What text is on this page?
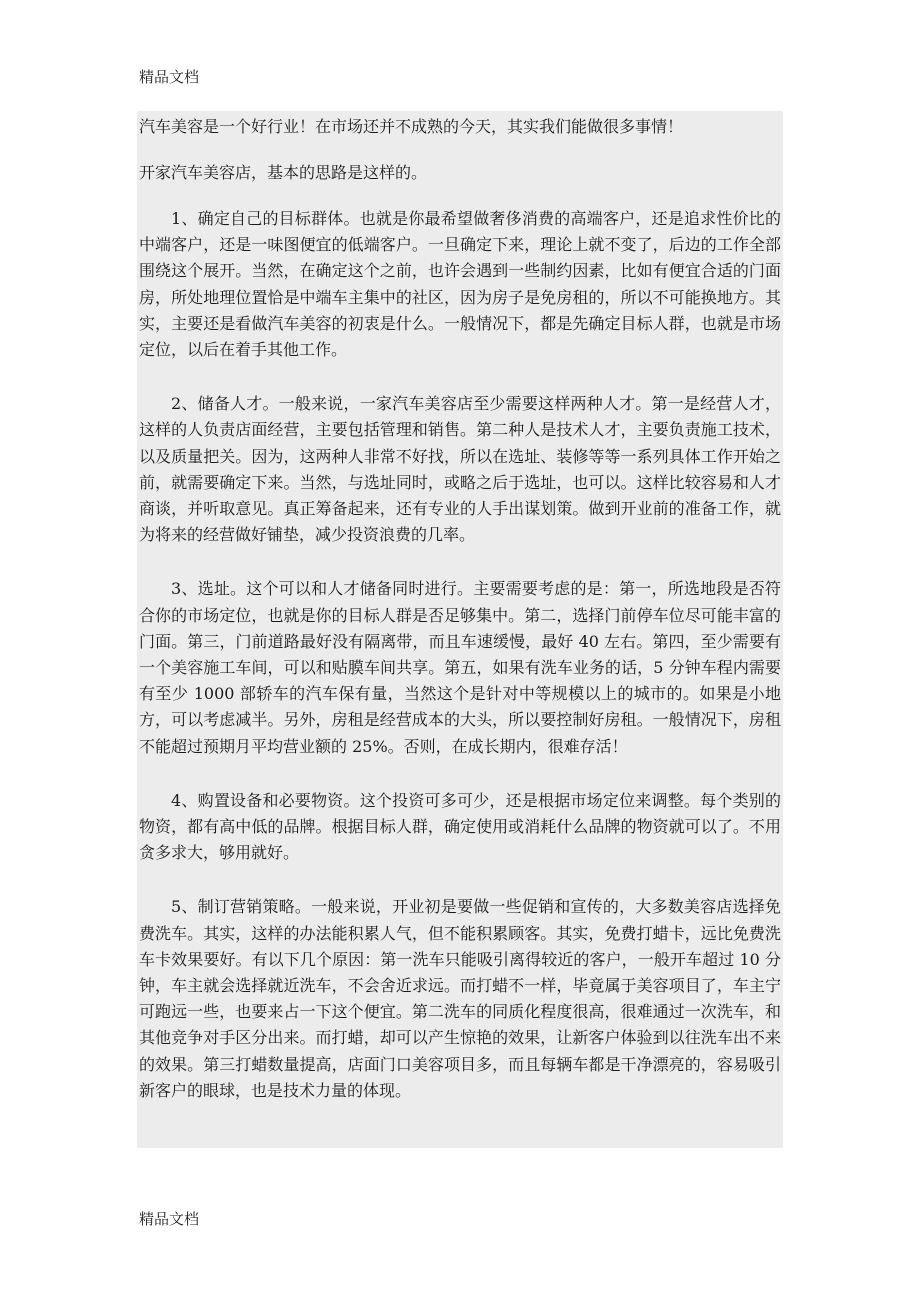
精品文档

汽车美容是一个好行业！在市场还并不成熟的今天，其实我们能做很多事情！

开家汽车美容店，基本的思路是这样的。

1、确定自己的目标群体。也就是你最希望做奢侈消费的高端客户，还是追求性价比的中端客户，还是一味图便宜的低端客户。一旦确定下来，理论上就不变了，后边的工作全部围绕这个展开。当然，在确定这个之前，也许会遇到一些制约因素，比如有便宜合适的门面房，所处地理位置恰是中端车主集中的社区，因为房子是免房租的，所以不可能换地方。其实，主要还是看做汽车美容的初衷是什么。一般情况下，都是先确定目标人群，也就是市场定位，以后在着手其他工作。

2、储备人才。一般来说，一家汽车美容店至少需要这样两种人才。第一是经营人才，这样的人负责店面经营，主要包括管理和销售。第二种人是技术人才，主要负责施工技术，以及质量把关。因为，这两种人非常不好找，所以在选址、装修等等一系列具体工作开始之前，就需要确定下来。当然，与选址同时，或略之后于选址，也可以。这样比较容易和人才商谈，并听取意见。真正筹备起来，还有专业的人手出谋划策。做到开业前的准备工作，就为将来的经营做好铺垫，减少投资浪费的几率。

3、选址。这个可以和人才储备同时进行。主要需要考虑的是：第一，所选地段是否符合你的市场定位，也就是你的目标人群是否足够集中。第二，选择门前停车位尽可能丰富的门面。第三，门前道路最好没有隔离带，而且车速缓慢，最好 40 左右。第四，至少需要有一个美容施工车间，可以和贴膜车间共享。第五，如果有洗车业务的话，5 分钟车程内需要有至少 1000 部轿车的汽车保有量，当然这个是针对中等规模以上的城市的。如果是小地方，可以考虑减半。另外，房租是经营成本的大头，所以要控制好房租。一般情况下，房租不能超过预期月平均营业额的 25%。否则，在成长期内，很难存活！

4、购置设备和必要物资。这个投资可多可少，还是根据市场定位来调整。每个类别的物资，都有高中低的品牌。根据目标人群，确定使用或消耗什么品牌的物资就可以了。不用贪多求大，够用就好。

5、制订营销策略。一般来说，开业初是要做一些促销和宣传的，大多数美容店选择免费洗车。其实，这样的办法能积累人气，但不能积累顾客。其实，免费打蜡卡，远比免费洗车卡效果要好。有以下几个原因：第一洗车只能吸引离得较近的客户，一般开车超过 10 分钟，车主就会选择就近洗车，不会舍近求远。而打蜡不一样，毕竟属于美容项目了，车主宁可跑远一些，也要来占一下这个便宜。第二洗车的同质化程度很高，很难通过一次洗车，和其他竞争对手区分出来。而打蜡，却可以产生惊艳的效果，让新客户体验到以往洗车出不来的效果。第三打蜡数量提高，店面门口美容项目多，而且每辆车都是干净漂亮的，容易吸引新客户的眼球，也是技术力量的体现。

精品文档
